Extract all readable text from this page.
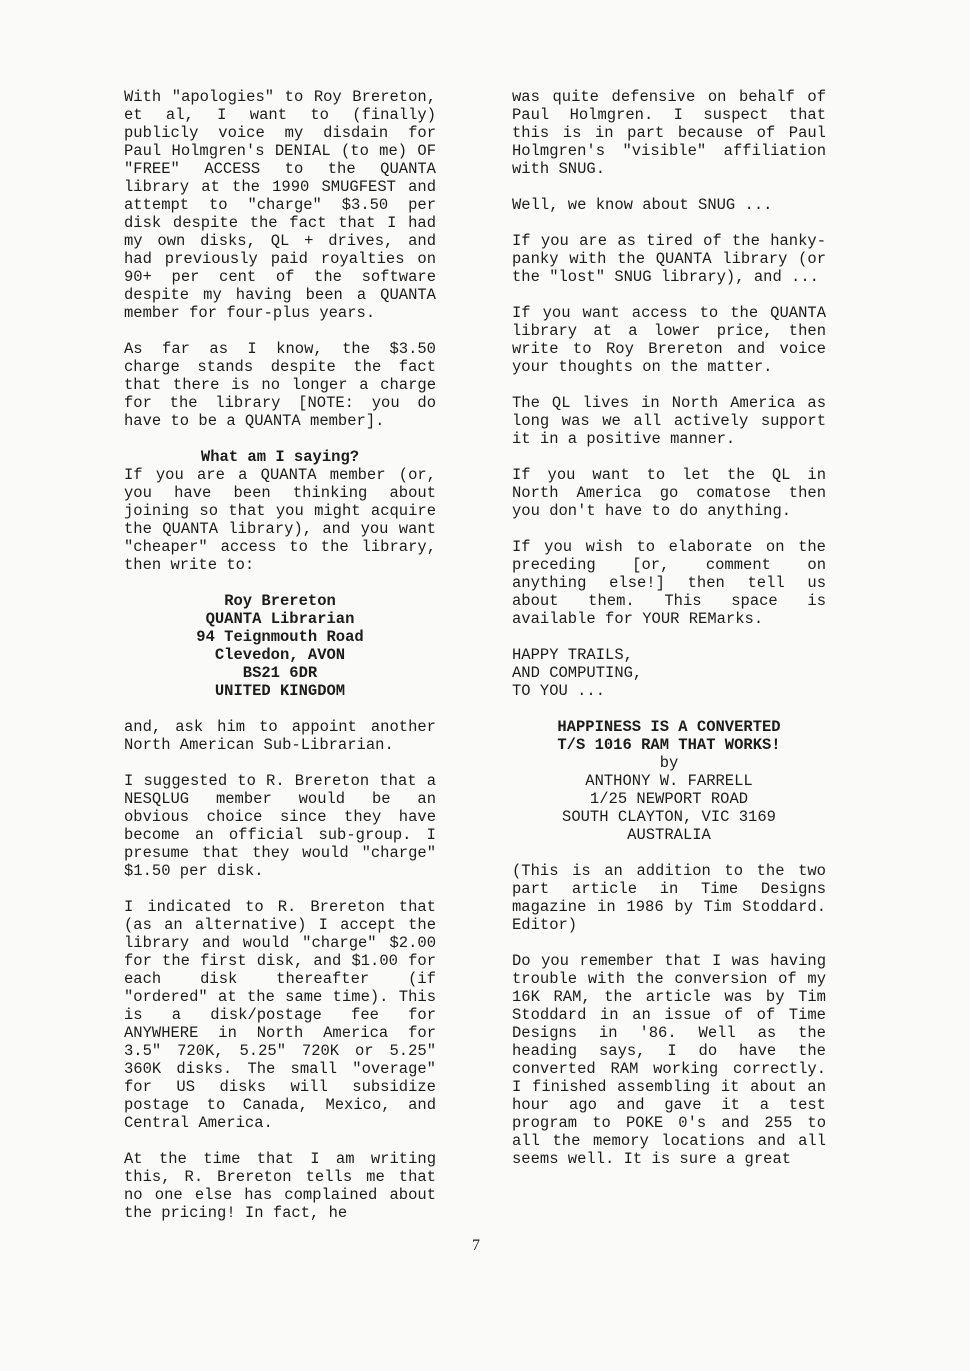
With "apologies" to Roy Brereton, et al, I want to (finally) publicly voice my disdain for Paul Holmgren's DENIAL (to me) OF "FREE" ACCESS to the QUANTA library at the 1990 SMUGFEST and attempt to "charge" $3.50 per disk despite the fact that I had my own disks, QL + drives, and had previously paid royalties on 90+ per cent of the software despite my having been a QUANTA member for four-plus years.

As far as I know, the $3.50 charge stands despite the fact that there is no longer a charge for the library [NOTE: you do have to be a QUANTA member].

What am I saying?

If you are a QUANTA member (or, you have been thinking about joining so that you might acquire the QUANTA library), and you want "cheaper" access to the library, then write to:

Roy Brereton
QUANTA Librarian
94 Teignmouth Road
Clevedon, AVON
BS21 6DR
UNITED KINGDOM

and, ask him to appoint another North American Sub-Librarian.

I suggested to R. Brereton that a NESQLUG member would be an obvious choice since they have become an official sub-group. I presume that they would "charge" $1.50 per disk.

I indicated to R. Brereton that (as an alternative) I accept the library and would "charge" $2.00 for the first disk, and $1.00 for each disk thereafter (if "ordered" at the same time). This is a disk/postage fee for ANYWHERE in North America for 3.5" 720K, 5.25" 720K or 5.25" 360K disks. The small "overage" for US disks will subsidize postage to Canada, Mexico, and Central America.

At the time that I am writing this, R. Brereton tells me that no one else has complained about the pricing! In fact, he

was quite defensive on behalf of Paul Holmgren. I suspect that this is in part because of Paul Holmgren's "visible" affiliation with SNUG.

Well, we know about SNUG ...

If you are as tired of the hanky-panky with the QUANTA library (or the "lost" SNUG library), and ...

If you want access to the QUANTA library at a lower price, then write to Roy Brereton and voice your thoughts on the matter.

The QL lives in North America as long was we all actively support it in a positive manner.

If you want to let the QL in North America go comatose then you don't have to do anything.

If you wish to elaborate on the preceding [or, comment on anything else!] then tell us about them. This space is available for YOUR REMarks.

HAPPY TRAILS,
AND COMPUTING,
TO YOU ...
HAPPINESS IS A CONVERTED
T/S 1016 RAM THAT WORKS!
by
ANTHONY W. FARRELL
1/25 NEWPORT ROAD
SOUTH CLAYTON, VIC 3169
AUSTRALIA

(This is an addition to the two part article in Time Designs magazine in 1986 by Tim Stoddard. Editor)

Do you remember that I was having trouble with the conversion of my 16K RAM, the article was by Tim Stoddard in an issue of of Time Designs in '86. Well as the heading says, I do have the converted RAM working correctly. I finished assembling it about an hour ago and gave it a test program to POKE 0's and 255 to all the memory locations and all seems well. It is sure a great

7
